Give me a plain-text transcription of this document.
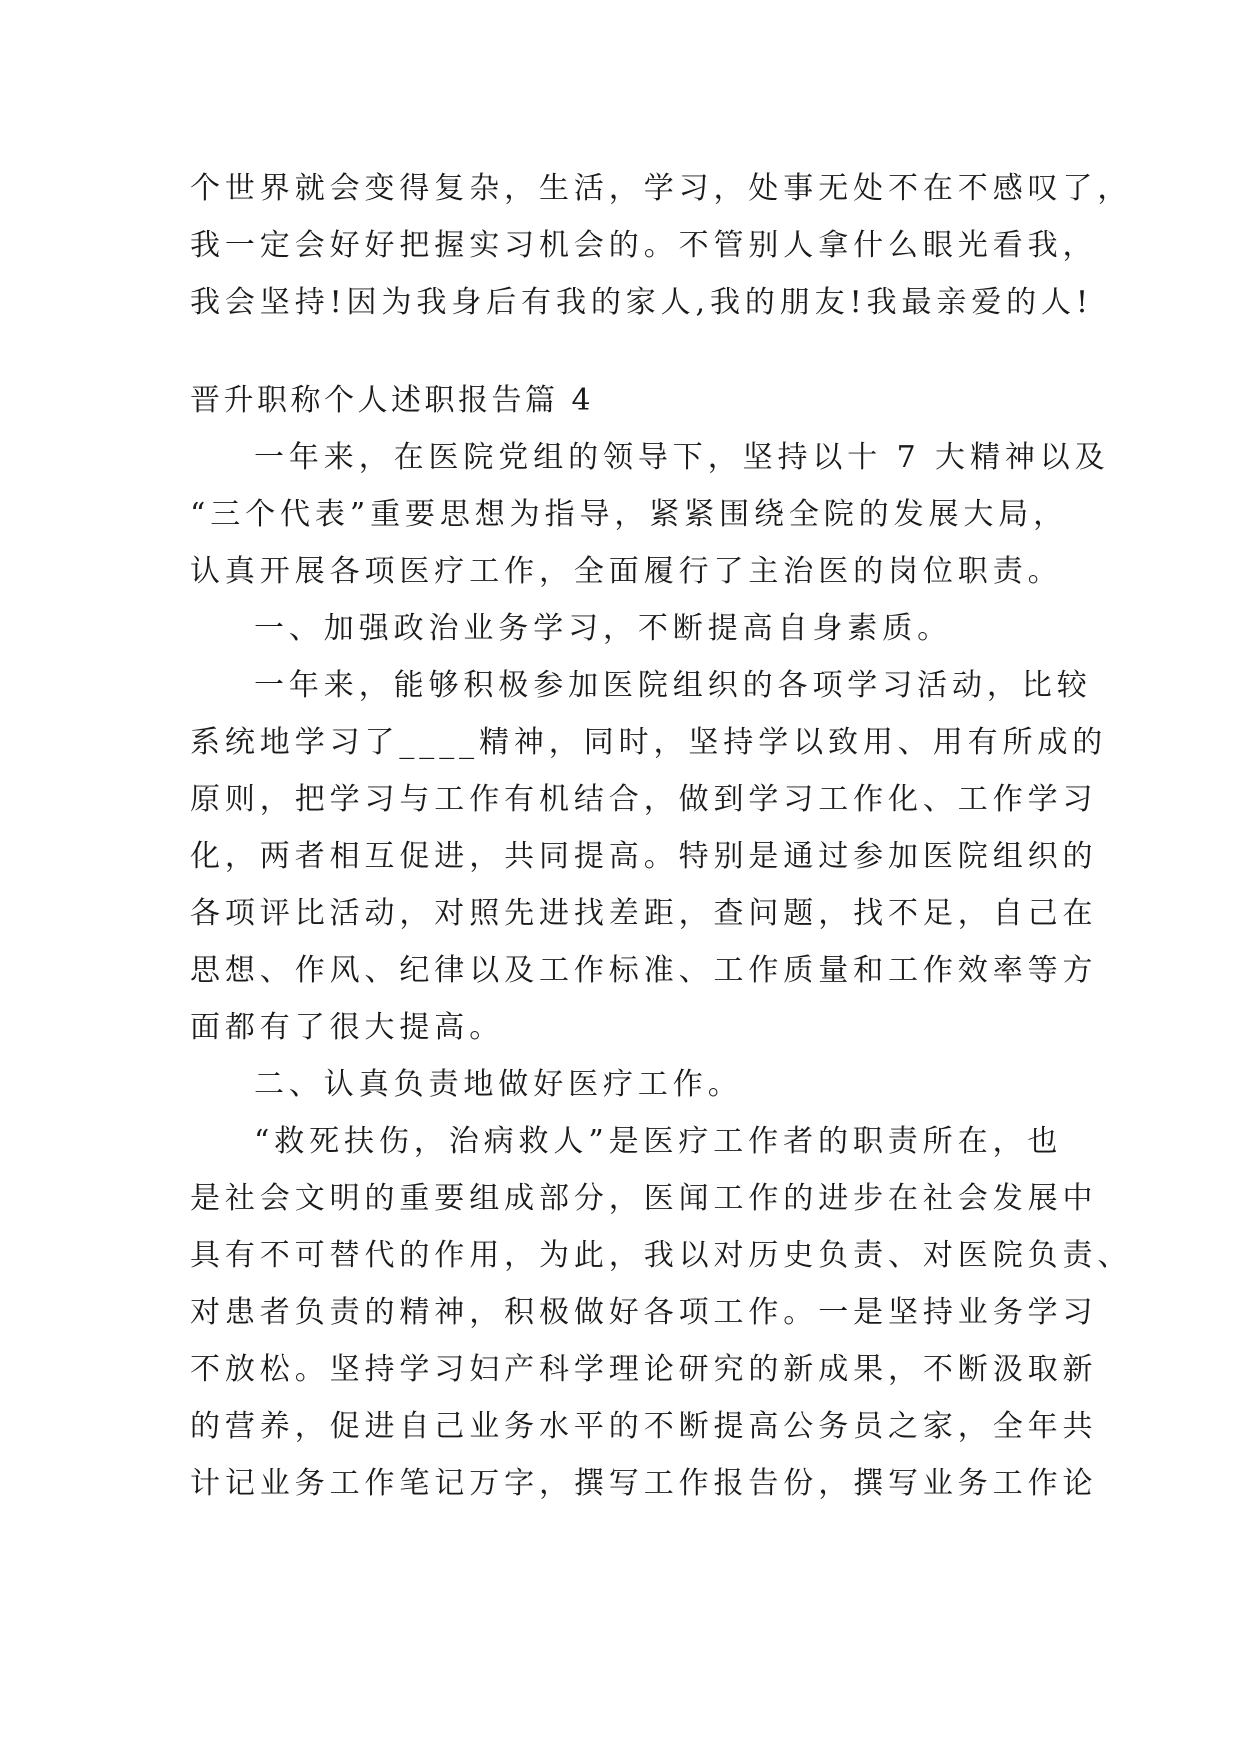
个世界就会变得复杂，生活，学习，处事无处不在不感叹了，
我一定会好好把握实习机会的。不管别人拿什么眼光看我，
我会坚持!因为我身后有我的家人,我的朋友!我最亲爱的人!
晋升职称个人述职报告篇 4
一年来，在医院党组的领导下，坚持以十 7 大精神以及
“三个代表”重要思想为指导，紧紧围绕全院的发展大局，
认真开展各项医疗工作，全面履行了主治医的岗位职责。
一、加强政治业务学习，不断提高自身素质。
一年来，能够积极参加医院组织的各项学习活动，比较
系统地学习了____精神，同时，坚持学以致用、用有所成的
原则，把学习与工作有机结合，做到学习工作化、工作学习
化，两者相互促进，共同提高。特别是通过参加医院组织的
各项评比活动，对照先进找差距，查问题，找不足，自己在
思想、作风、纪律以及工作标准、工作质量和工作效率等方
面都有了很大提高。
二、认真负责地做好医疗工作。
“救死扶伤，治病救人”是医疗工作者的职责所在，也
是社会文明的重要组成部分，医闻工作的进步在社会发展中
具有不可替代的作用，为此，我以对历史负责、对医院负责、
对患者负责的精神，积极做好各项工作。一是坚持业务学习
不放松。坚持学习妇产科学理论研究的新成果，不断汲取新
的营养，促进自己业务水平的不断提高公务员之家，全年共
计记业务工作笔记万字，撰写工作报告份，撰写业务工作论
